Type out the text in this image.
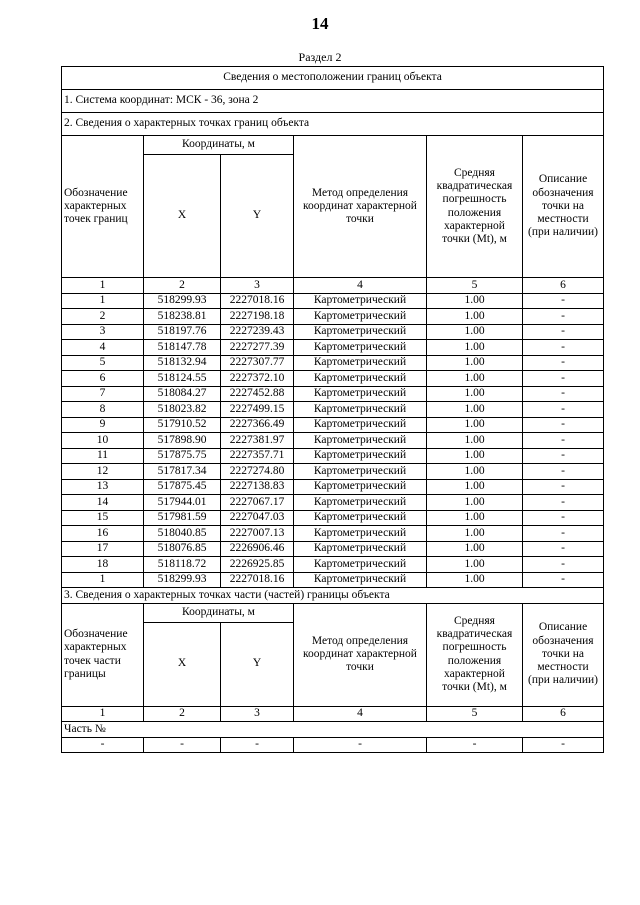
14
Раздел 2
Сведения о местоположении границ объекта					
1. Система координат: МСК - 36, зона 2					
2. Сведения о характерных точках границ объекта					
Обозначение характерных точек границ	Координаты, м		Метод определения координат характерной точки	Средняя квадратическая погрешность положения характерной точки (Mt), м	Описание обозначения точки на местности (при наличии)
	X	Y			
1	2	3	4	5	6
1	518299.93	2227018.16	Картометрический	1.00	-
2	518238.81	2227198.18	Картометрический	1.00	-
3	518197.76	2227239.43	Картометрический	1.00	-
4	518147.78	2227277.39	Картометрический	1.00	-
5	518132.94	2227307.77	Картометрический	1.00	-
6	518124.55	2227372.10	Картометрический	1.00	-
7	518084.27	2227452.88	Картометрический	1.00	-
8	518023.82	2227499.15	Картометрический	1.00	-
9	517910.52	2227366.49	Картометрический	1.00	-
10	517898.90	2227381.97	Картометрический	1.00	-
11	517875.75	2227357.71	Картометрический	1.00	-
12	517817.34	2227274.80	Картометрический	1.00	-
13	517875.45	2227138.83	Картометрический	1.00	-
14	517944.01	2227067.17	Картометрический	1.00	-
15	517981.59	2227047.03	Картометрический	1.00	-
16	518040.85	2227007.13	Картометрический	1.00	-
17	518076.85	2226906.46	Картометрический	1.00	-
18	518118.72	2226925.85	Картометрический	1.00	-
1	518299.93	2227018.16	Картометрический	1.00	-
3. Сведения о характерных точках части (частей) границы объекта					
Обозначение характерных точек части границы	Координаты, м		Метод определения координат характерной точки	Средняя квадратическая погрешность положения характерной точки (Mt), м	Описание обозначения точки на местности (при наличии)
	X	Y			
1	2	3	4	5	6
Часть №					
-	-	-	-	-	-
